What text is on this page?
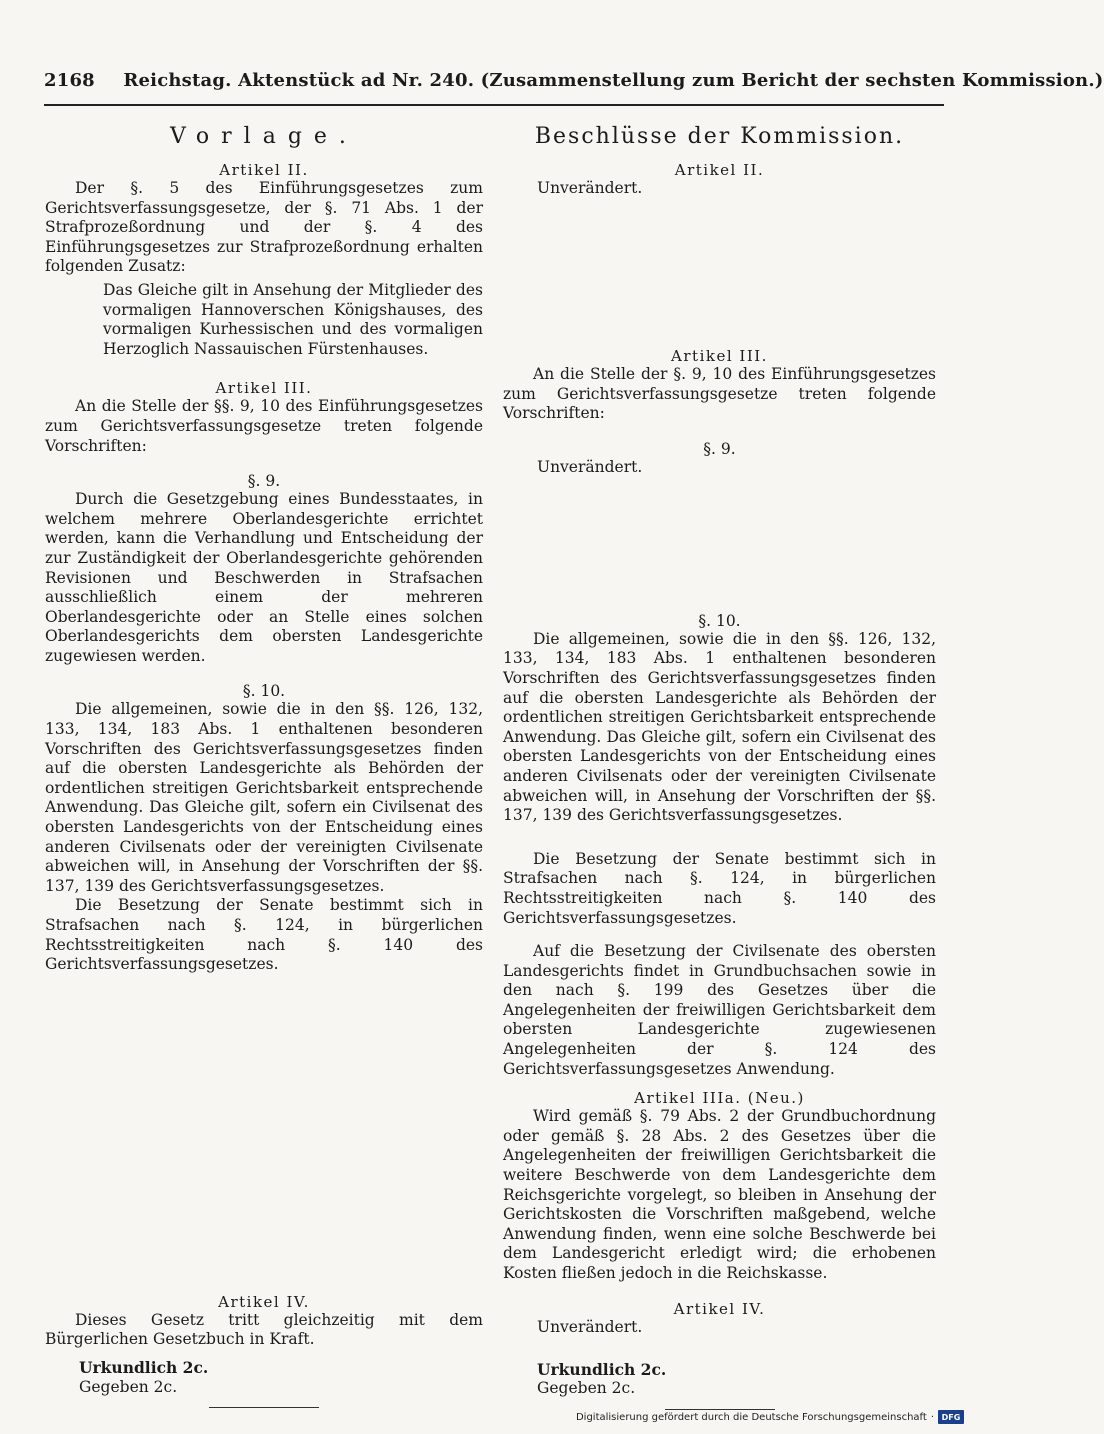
2168 Reichstag. Aktenstück ad Nr. 240. (Zusammenstellung zum Bericht der sechsten Kommission.)
Vorlage.

Artikel II.

Der §. 5 des Einführungsgesetzes zum Gerichtsverfassungsgesetze, der §. 71 Abs. 1 der Strafprozeßordnung und der §. 4 des Einführungsgesetzes zur Strafprozeßordnung erhalten folgenden Zusatz:

Das Gleiche gilt in Ansehung der Mitglieder des vormaligen Hannoverschen Königshauses, des vormaligen Kurhessischen und des vormaligen Herzoglich Nassauischen Fürstenhauses.

Artikel III.

An die Stelle der §§. 9, 10 des Einführungsgesetzes zum Gerichtsverfassungsgesetze treten folgende Vorschriften:

§. 9.

Durch die Gesetzgebung eines Bundesstaates, in welchem mehrere Oberlandesgerichte errichtet werden, kann die Verhandlung und Entscheidung der zur Zuständigkeit der Oberlandesgerichte gehörenden Revisionen und Beschwerden in Strafsachen ausschließlich einem der mehreren Oberlandesgerichte oder an Stelle eines solchen Oberlandesgerichts dem obersten Landesgerichte zugewiesen werden.

§. 10.

Die allgemeinen, sowie die in den §§. 126, 132, 133, 134, 183 Abs. 1 enthaltenen besonderen Vorschriften des Gerichtsverfassungsgesetzes finden auf die obersten Landesgerichte als Behörden der ordentlichen streitigen Gerichtsbarkeit entsprechende Anwendung. Das Gleiche gilt, sofern ein Civilsenat des obersten Landesgerichts von der Entscheidung eines anderen Civilsenats oder der vereinigten Civilsenate abweichen will, in Ansehung der Vorschriften der §§. 137, 139 des Gerichtsverfassungsgesetzes.

Die Besetzung der Senate bestimmt sich in Strafsachen nach §. 124, in bürgerlichen Rechtsstreitigkeiten nach §. 140 des Gerichtsverfassungsgesetzes.

Artikel IV.

Dieses Gesetz tritt gleichzeitig mit dem Bürgerlichen Gesetzbuch in Kraft.

Urkundlich 2c.

Gegeben 2c.

Beschlüsse der Kommission.

Artikel II.

Unverändert.

Artikel III.

An die Stelle der §. 9, 10 des Einführungsgesetzes zum Gerichtsverfassungsgesetze treten folgende Vorschriften:

§. 9.

Unverändert.

§. 10.

Die allgemeinen, sowie die in den §§. 126, 132, 133, 134, 183 Abs. 1 enthaltenen besonderen Vorschriften des Gerichtsverfassungsgesetzes finden auf die obersten Landesgerichte als Behörden der ordentlichen streitigen Gerichtsbarkeit entsprechende Anwendung. Das Gleiche gilt, sofern ein Civilsenat des obersten Landesgerichts von der Entscheidung eines anderen Civilsenats oder der vereinigten Civilsenate abweichen will, in Ansehung der Vorschriften der §§. 137, 139 des Gerichtsverfassungsgesetzes.

Die Besetzung der Senate bestimmt sich in Strafsachen nach §. 124, in bürgerlichen Rechtsstreitigkeiten nach §. 140 des Gerichtsverfassungsgesetzes.

Auf die Besetzung der Civilsenate des obersten Landesgerichts findet in Grundbuchsachen sowie in den nach §. 199 des Gesetzes über die Angelegenheiten der freiwilligen Gerichtsbarkeit dem obersten Landesgerichte zugewiesenen Angelegenheiten der §. 124 des Gerichtsverfassungsgesetzes Anwendung.

Artikel IIIa. (Neu.)

Wird gemäß §. 79 Abs. 2 der Grundbuchordnung oder gemäß §. 28 Abs. 2 des Gesetzes über die Angelegenheiten der freiwilligen Gerichtsbarkeit die weitere Beschwerde von dem Landesgerichte dem Reichsgerichte vorgelegt, so bleiben in Ansehung der Gerichtskosten die Vorschriften maßgebend, welche Anwendung finden, wenn eine solche Beschwerde bei dem Landesgericht erledigt wird; die erhobenen Kosten fließen jedoch in die Reichskasse.

Artikel IV.

Unverändert.

Urkundlich 2c.

Gegeben 2c.

Digitalisierung gefördert durch die Deutsche Forschungsgemeinschaft · DFG
